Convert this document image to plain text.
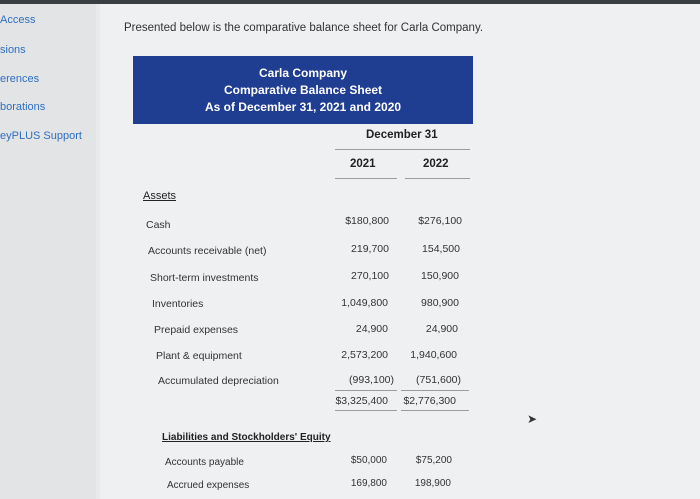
Access
sions
erences
borations
eyPLUS Support
Presented below is the comparative balance sheet for Carla Company.
Carla Company
Comparative Balance Sheet
As of December 31, 2021 and 2020
December 31
2021	2022
Assets
Cash	$180,800	$276,100
Accounts receivable (net)	219,700	154,500
Short-term investments	270,100	150,900
Inventories	1,049,800	980,900
Prepaid expenses	24,900	24,900
Plant & equipment	2,573,200 1,940,600
Accumulated depreciation	(993,100) (751,600)
$3,325,400 $2,776,300
➤
Liabilities and Stockholders' Equity
Accounts payable	$50,000	$75,200
Accrued expenses	169,800	198,900
